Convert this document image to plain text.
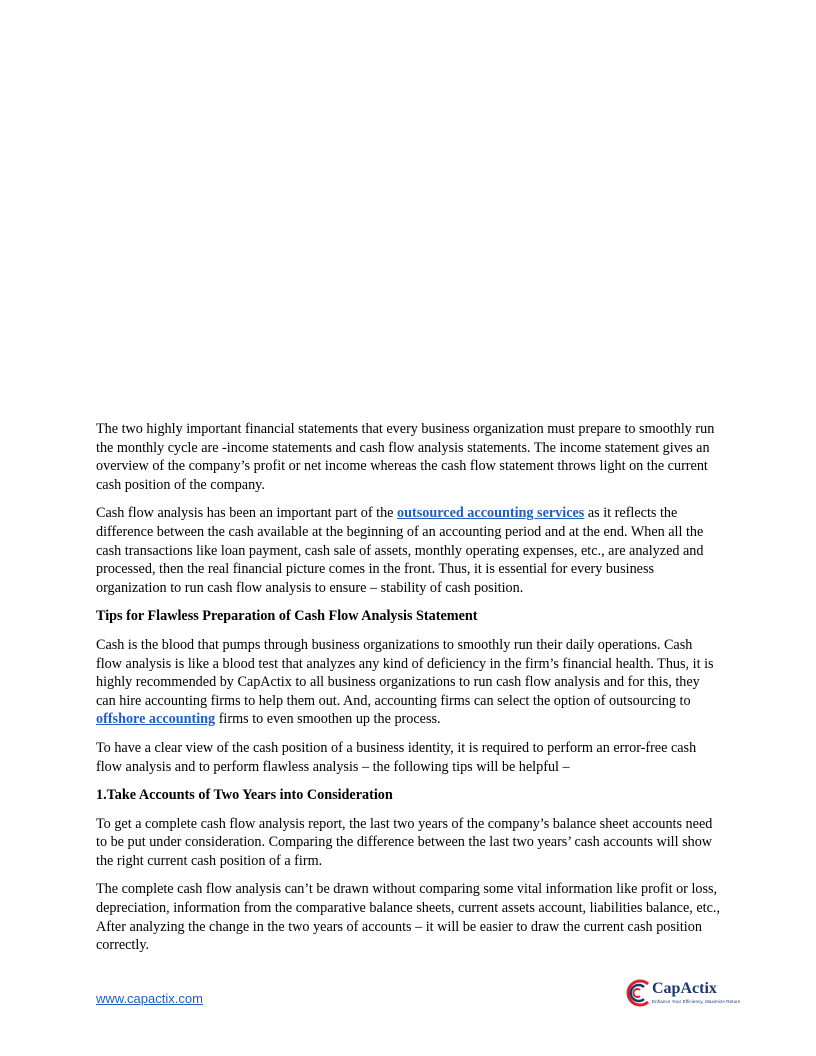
The two highly important financial statements that every business organization must prepare to smoothly run the monthly cycle are -income statements and cash flow analysis statements. The income statement gives an overview of the company’s profit or net income whereas the cash flow statement throws light on the current cash position of the company.

Cash flow analysis has been an important part of the outsourced accounting services as it reflects the difference between the cash available at the beginning of an accounting period and at the end. When all the cash transactions like loan payment, cash sale of assets, monthly operating expenses, etc., are analyzed and processed, then the real financial picture comes in the front. Thus, it is essential for every business organization to run cash flow analysis to ensure – stability of cash position.

Tips for Flawless Preparation of Cash Flow Analysis Statement

Cash is the blood that pumps through business organizations to smoothly run their daily operations. Cash flow analysis is like a blood test that analyzes any kind of deficiency in the firm’s financial health. Thus, it is highly recommended by CapActix to all business organizations to run cash flow analysis and for this, they can hire accounting firms to help them out. And, accounting firms can select the option of outsourcing to offshore accounting firms to even smoothen up the process.

To have a clear view of the cash position of a business identity, it is required to perform an error-free cash flow analysis and to perform flawless analysis – the following tips will be helpful –

1.Take Accounts of Two Years into Consideration

To get a complete cash flow analysis report, the last two years of the company’s balance sheet accounts need to be put under consideration. Comparing the difference between the last two years’ cash accounts will show the right current cash position of a firm.

The complete cash flow analysis can’t be drawn without comparing some vital information like profit or loss, depreciation, information from the comparative balance sheets, current assets account, liabilities balance, etc., After analyzing the change in the two years of accounts – it will be easier to draw the current cash position correctly.

www.capactix.com
CapActix
Enhance Your Efficiency, Maximize Return
